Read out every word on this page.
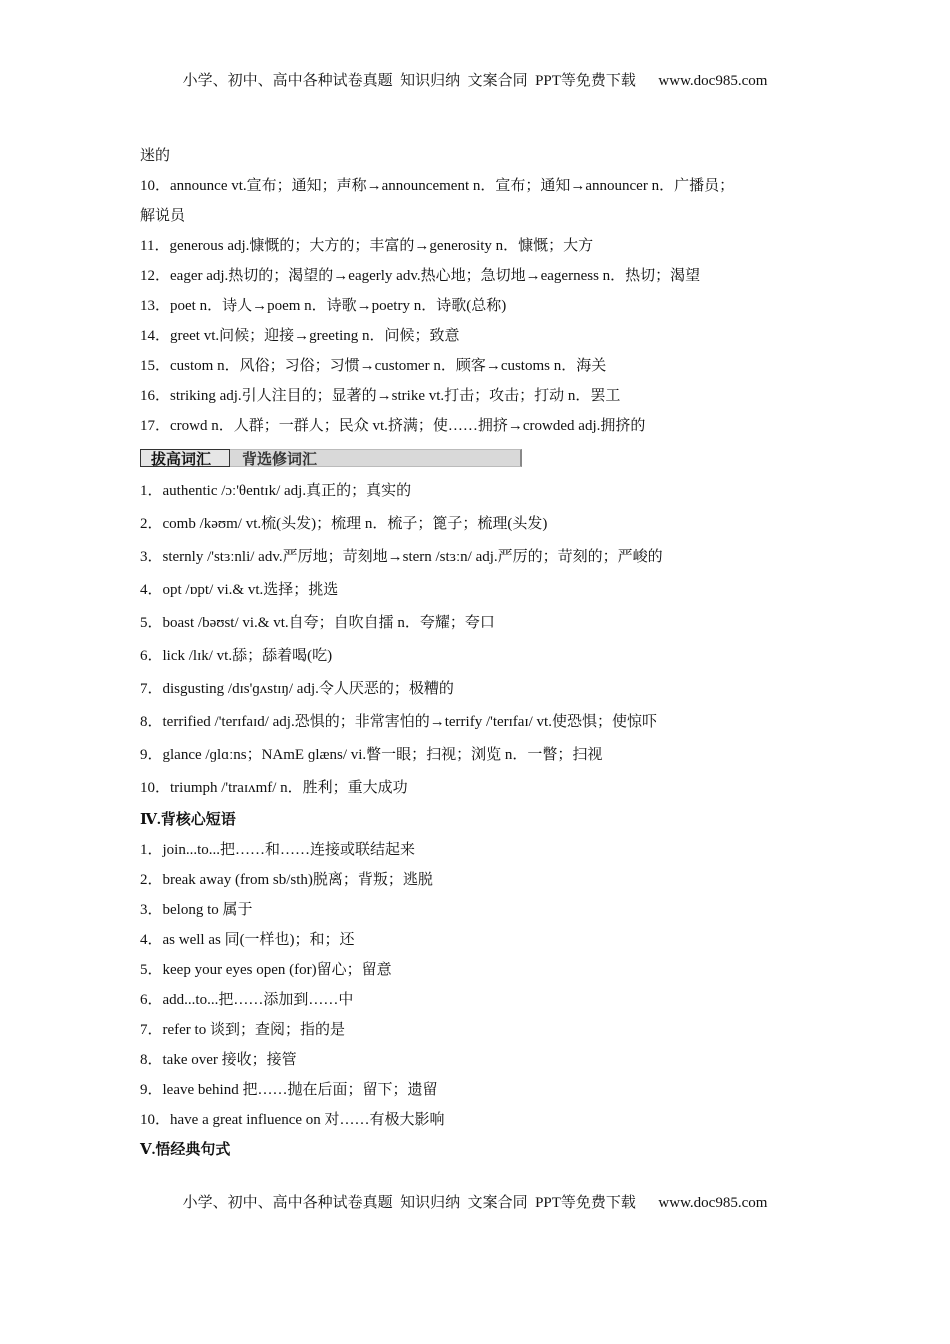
小学、初中、高中各种试卷真题  知识归纳  文案合同  PPT等免费下载      www.doc985.com
迷的
10．announce vt.宣布；通知；声称→announcement n．宣布；通知→announcer n．广播员；
解说员
11．generous adj.慷慨的；大方的；丰富的→generosity n．慷慨；大方
12．eager adj.热切的；渴望的→eagerly adv.热心地；急切地→eagerness n．热切；渴望
13．poet n．诗人→poem n．诗歌→poetry n．诗歌(总称)
14．greet vt.问候；迎接→greeting n．问候；致意
15．custom n．风俗；习俗；习惯→customer n．顾客→customs n．海关
16．striking adj.引人注目的；显著的→strike vt.打击；攻击；打动 n．罢工
17．crowd n．人群；一群人；民众 vt.挤满；使……拥挤→crowded adj.拥挤的
拔高词汇	背选修词汇
1．authentic /ɔː'θentɪk/ adj.真正的；真实的
2．comb /kəʊm/ vt.梳(头发)；梳理 n．梳子；篦子；梳理(头发)
3．sternly /'stɜːnli/ adv.严厉地；苛刻地→stern /stɜːn/ adj.严厉的；苛刻的；严峻的
4．opt /ɒpt/ vi.& vt.选择；挑选
5．boast /bəʊst/ vi.& vt.自夸；自吹自擂 n．夸耀；夸口
6．lick /lɪk/ vt.舔；舔着喝(吃)
7．disgusting /dɪs'ɡʌstɪŋ/ adj.令人厌恶的；极糟的
8．terrified /'terɪfaɪd/ adj.恐惧的；非常害怕的→terrify /'terɪfaɪ/ vt.使恐惧；使惊吓
9．glance /ɡlɑːns；NAmE ɡlæns/ vi.瞥一眼；扫视；浏览 n．一瞥；扫视
10．triumph /'traɪʌmf/ n．胜利；重大成功
Ⅳ.背核心短语
1．join...to...把……和……连接或联结起来
2．break away (from sb/sth)脱离；背叛；逃脱
3．belong to 属于
4．as well as 同(一样也)；和；还
5．keep your eyes open (for)留心；留意
6．add...to...把……添加到……中
7．refer to 谈到；查阅；指的是
8．take over 接收；接管
9．leave behind 把……抛在后面；留下；遗留
10．have a great influence on 对……有极大影响
Ⅴ.悟经典句式
小学、初中、高中各种试卷真题  知识归纳  文案合同  PPT等免费下载      www.doc985.com
